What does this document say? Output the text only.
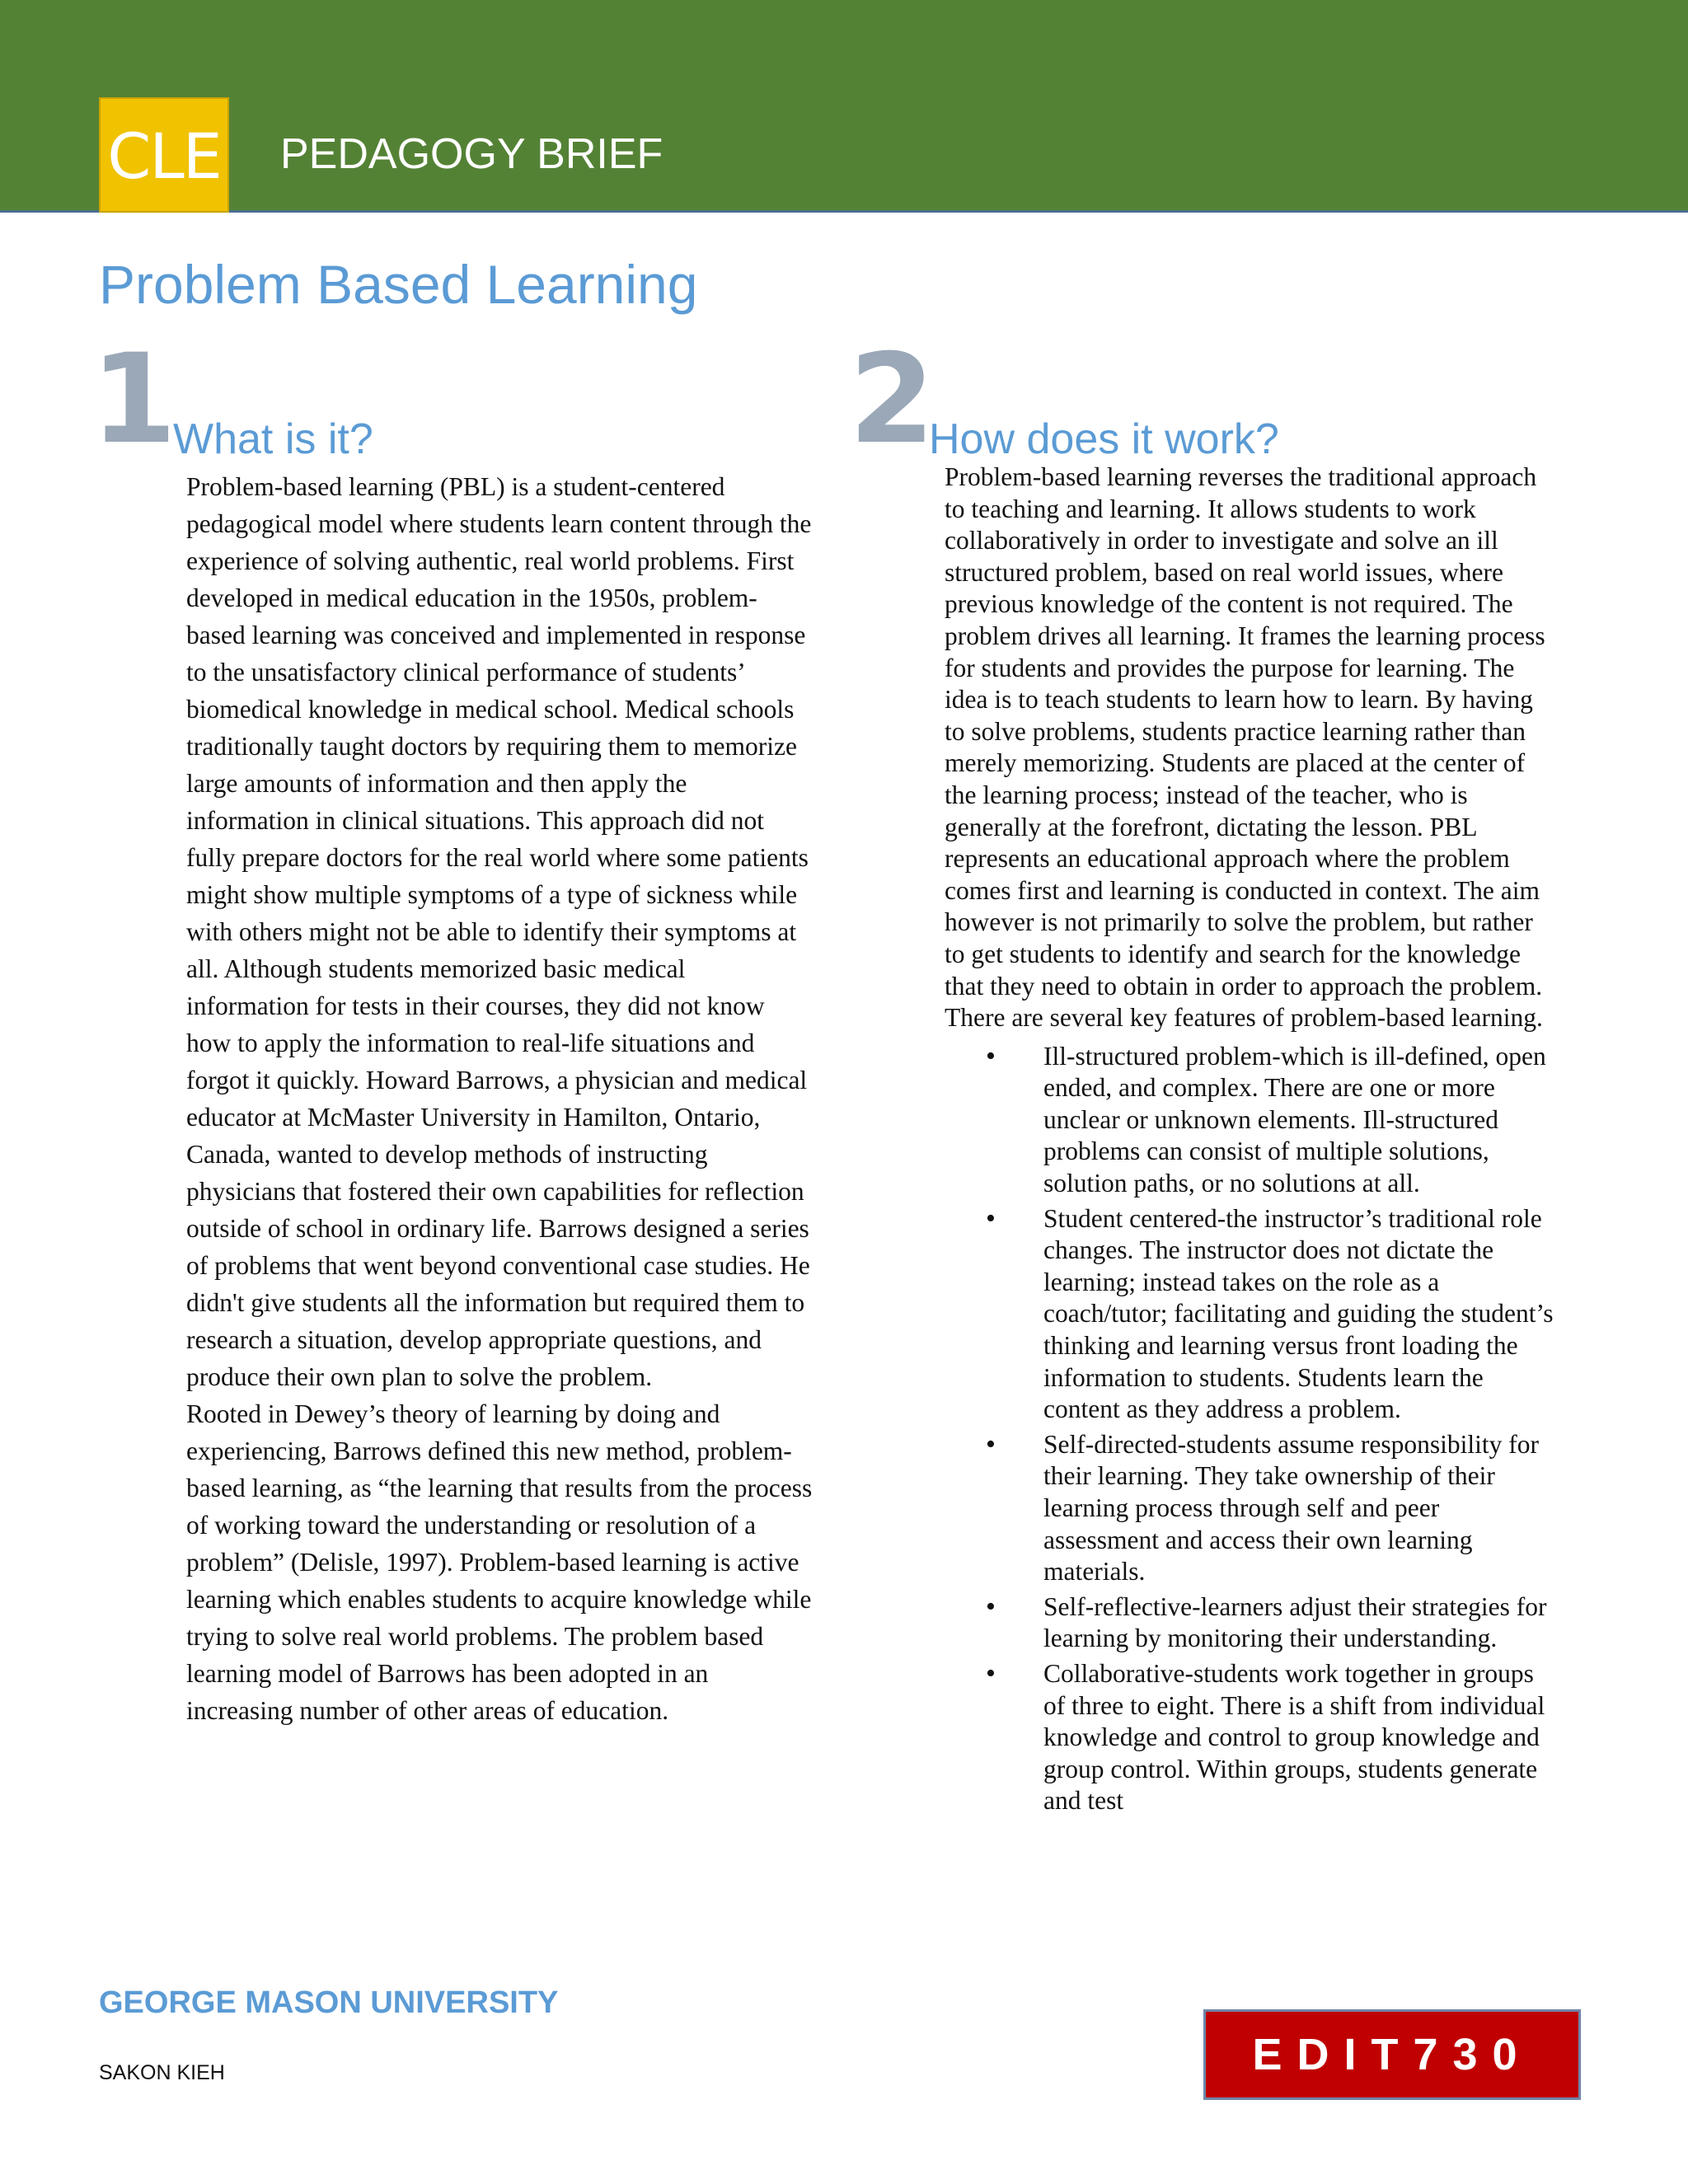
CLE PEDAGOGY BRIEF
Problem Based Learning
1
What is it?

Problem-based learning (PBL) is a student-centered pedagogical model where students learn content through the experience of solving authentic, real world problems. First developed in medical education in the 1950s, problem-based learning was conceived and implemented in response to the unsatisfactory clinical performance of students’ biomedical knowledge in medical school. Medical schools traditionally taught doctors by requiring them to memorize large amounts of information and then apply the information in clinical situations. This approach did not fully prepare doctors for the real world where some patients might show multiple symptoms of a type of sickness while with others might not be able to identify their symptoms at all. Although students memorized basic medical information for tests in their courses, they did not know how to apply the information to real-life situations and forgot it quickly. Howard Barrows, a physician and medical educator at McMaster University in Hamilton, Ontario, Canada, wanted to develop methods of instructing physicians that fostered their own capabilities for reflection outside of school in ordinary life. Barrows designed a series of problems that went beyond conventional case studies. He didn't give students all the information but required them to research a situation, develop appropriate questions, and produce their own plan to solve the problem.

Rooted in Dewey’s theory of learning by doing and experiencing, Barrows defined this new method, problem- based learning, as “the learning that results from the process of working toward the understanding or resolution of a problem” (Delisle, 1997). Problem-based learning is active learning which enables students to acquire knowledge while trying to solve real world problems. The problem based learning model of Barrows has been adopted in an increasing number of other areas of education.

2
How does it work?

Problem-based learning reverses the traditional approach to teaching and learning. It allows students to work collaboratively in order to investigate and solve an ill structured problem, based on real world issues, where previous knowledge of the content is not required. The problem drives all learning. It frames the learning process for students and provides the purpose for learning. The idea is to teach students to learn how to learn. By having to solve problems, students practice learning rather than merely memorizing. Students are placed at the center of the learning process; instead of the teacher, who is generally at the forefront, dictating the lesson. PBL represents an educational approach where the problem comes first and learning is conducted in context. The aim however is not primarily to solve the problem, but rather to get students to identify and search for the knowledge that they need to obtain in order to approach the problem. There are several key features of problem-based learning.

• Ill-structured problem-which is ill-defined, open ended, and complex. There are one or more unclear or unknown elements. Ill-structured problems can consist of multiple solutions, solution paths, or no solutions at all.
• Student centered-the instructor’s traditional role changes. The instructor does not dictate the learning; instead takes on the role as a coach/tutor; facilitating and guiding the student’s thinking and learning versus front loading the information to students. Students learn the content as they address a problem.
• Self-directed-students assume responsibility for their learning. They take ownership of their learning process through self and peer assessment and access their own learning materials.
• Self-reflective-learners adjust their strategies for learning by monitoring their understanding.
• Collaborative-students work together in groups of three to eight. There is a shift from individual knowledge and control to group knowledge and group control. Within groups, students generate and test
GEORGE MASON UNIVERSITY
SAKON KIEH	EDIT730
